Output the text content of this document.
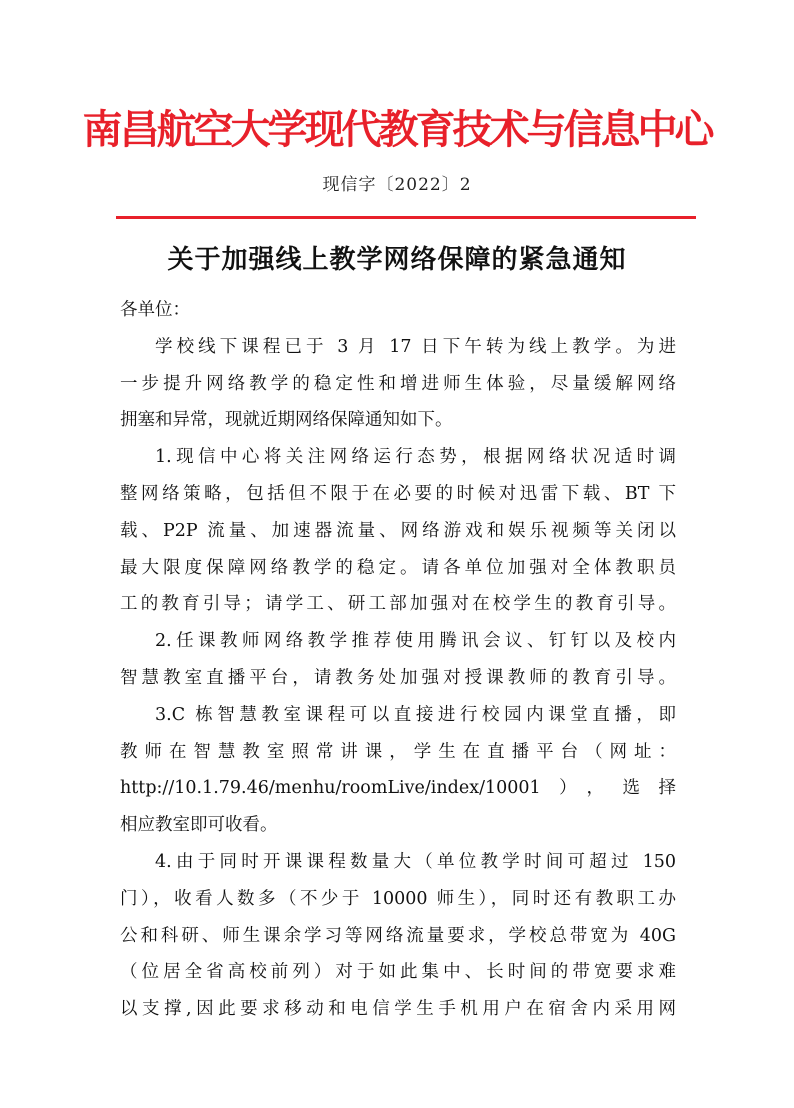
南昌航空大学现代教育技术与信息中心
现信字〔2022〕2
关于加强线上教学网络保障的紧急通知
各单位：
学校线下课程已于 3 月 17 日下午转为线上教学。为进
一步提升网络教学的稳定性和增进师生体验，尽量缓解网络
拥塞和异常，现就近期网络保障通知如下。
1.现信中心将关注网络运行态势，根据网络状况适时调
整网络策略，包括但不限于在必要的时候对迅雷下载、BT 下
载、P2P 流量、加速器流量、网络游戏和娱乐视频等关闭以
最大限度保障网络教学的稳定。请各单位加强对全体教职员
工的教育引导；请学工、研工部加强对在校学生的教育引导。
2.任课教师网络教学推荐使用腾讯会议、钉钉以及校内
智慧教室直播平台，请教务处加强对授课教师的教育引导。
3.C 栋智慧教室课程可以直接进行校园内课堂直播，即
教师在智慧教室照常讲课，学生在直播平台（网址：
http://10.1.79.46/menhu/roomLive/index/10001），选择
相应教室即可收看。
4.由于同时开课课程数量大（单位教学时间可超过 150
门），收看人数多（不少于 10000 师生），同时还有教职工办
公和科研、师生课余学习等网络流量要求，学校总带宽为 40G
（位居全省高校前列）对于如此集中、长时间的带宽要求难
以支撑,因此要求移动和电信学生手机用户在宿舍内采用网
